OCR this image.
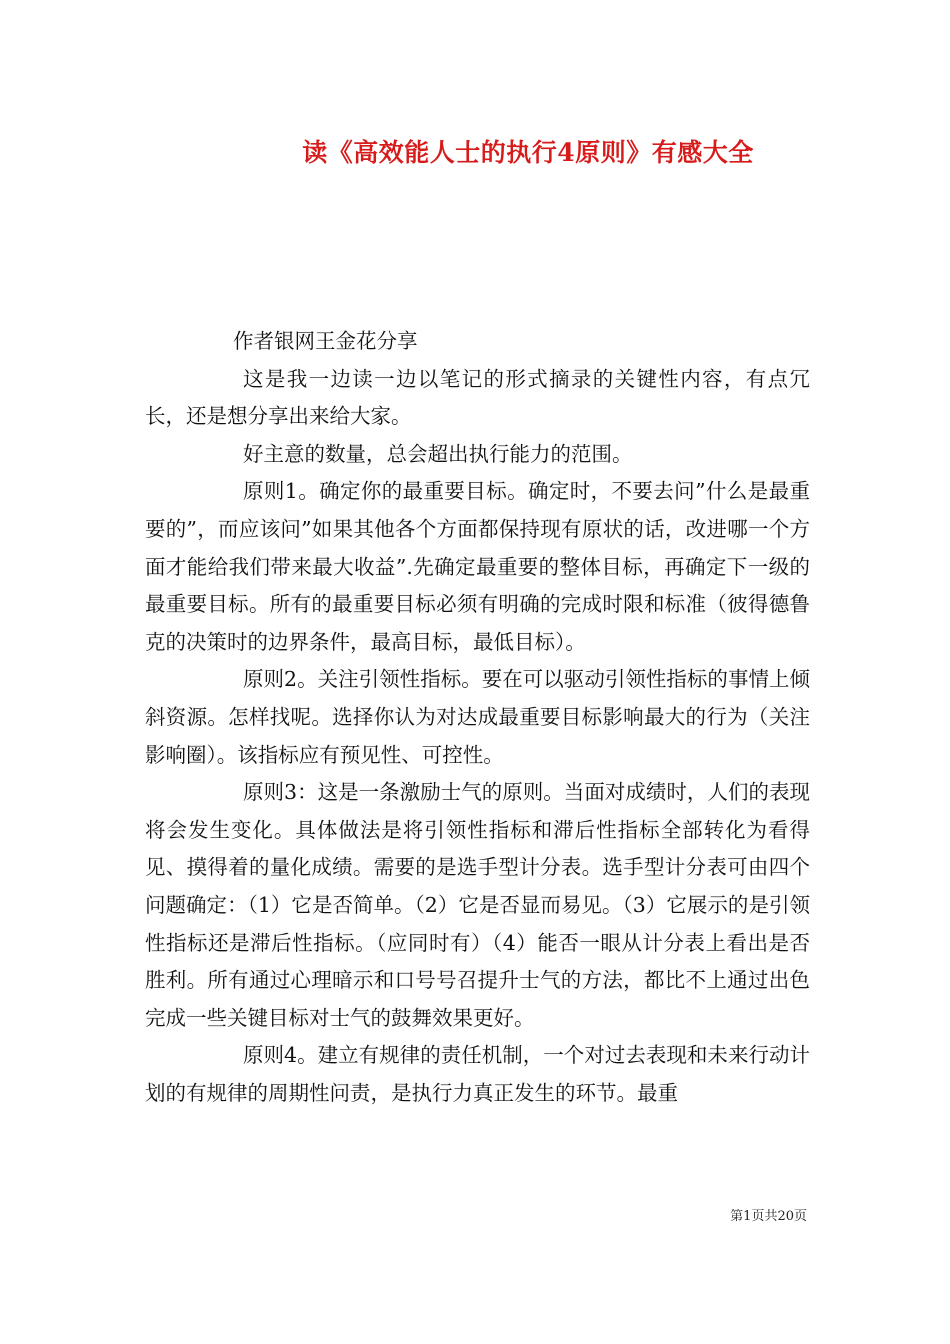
读《高效能人士的执行4原则》有感大全

作者银网王金花分享

这是我一边读一边以笔记的形式摘录的关键性内容，有点冗长，还是想分享出来给大家。

好主意的数量，总会超出执行能力的范围。

原则1。确定你的最重要目标。确定时，不要去问”什么是最重要的”，而应该问”如果其他各个方面都保持现有原状的话，改进哪一个方面才能给我们带来最大收益”.先确定最重要的整体目标，再确定下一级的最重要目标。所有的最重要目标必须有明确的完成时限和标准（彼得德鲁克的决策时的边界条件，最高目标，最低目标）。

原则2。关注引领性指标。要在可以驱动引领性指标的事情上倾斜资源。怎样找呢。选择你认为对达成最重要目标影响最大的行为（关注影响圈）。该指标应有预见性、可控性。

原则3：这是一条激励士气的原则。当面对成绩时，人们的表现将会发生变化。具体做法是将引领性指标和滞后性指标全部转化为看得见、摸得着的量化成绩。需要的是选手型计分表。选手型计分表可由四个问题确定：（1）它是否简单。（2）它是否显而易见。（3）它展示的是引领性指标还是滞后性指标。（应同时有）（4）能否一眼从计分表上看出是否胜利。所有通过心理暗示和口号号召提升士气的方法，都比不上通过出色完成一些关键目标对士气的鼓舞效果更好。

原则4。建立有规律的责任机制，一个对过去表现和未来行动计划的有规律的周期性问责，是执行力真正发生的环节。最重

第1页共20页
